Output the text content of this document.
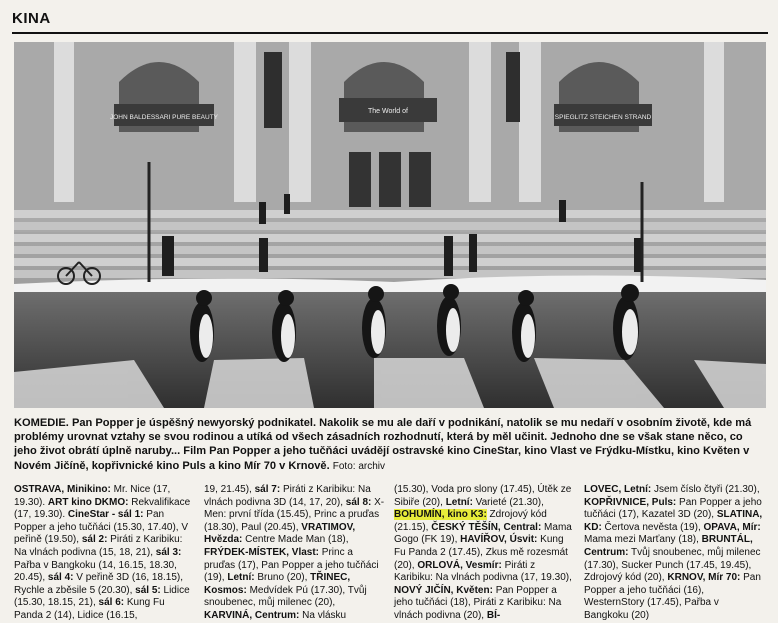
KINA
JOHN BALDESSARI PURE BEAUTY
The World of
SPIEGLITZ STEICHEN STRAND
KOMEDIE. Pan Popper je úspěšný newyorský podnikatel. Nakolik se mu ale daří v podnikání, natolik se mu nedaří v osobním životě, kde má problémy urovnat vztahy se svou rodinou a utíká od všech zásadních rozhodnutí, která by měl učinit. Jednoho dne se však stane něco, co jeho život obrátí úplně naruby... Film Pan Popper a jeho tučňáci uvádějí ostravské kino CineStar, kino Vlast ve Frýdku-Místku, kino Květen v Novém Jičíně, kopřivnické kino Puls a kino Mír 70 v Krnově. Foto: archiv

OSTRAVA, Minikino: Mr. Nice (17, 19.30). ART kino DKMO: Rekvalifikace (17, 19.30). CineStar - sál 1: Pan Popper a jeho tučňáci (15.30, 17.40), V peřině (19.50), sál 2: Piráti z Karibiku: Na vlnách podivna (15, 18, 21), sál 3: Pařba v Bangkoku (14, 16.15, 18.30, 20.45), sál 4: V peřině 3D (16, 18.15), Rychle a zběsile 5 (20.30), sál 5: Lidice (15.30, 18.15, 21), sál 6: Kung Fu Panda 2 (14), Lidice (16.15,

19, 21.45), sál 7: Piráti z Karibiku: Na vlnách podivna 3D (14, 17, 20), sál 8: X-Men: první třída (15.45), Princ a pruďas (18.30), Paul (20.45), VRATIMOV, Hvězda: Centre Made Man (18), FRÝDEK-MÍSTEK, Vlast: Princ a pruďas (17), Pan Popper a jeho tučňáci (19), Letní: Bruno (20), TŘINEC, Kosmos: Medvídek Pú (17.30), Tvůj snoubenec, můj milenec (20), KARVINÁ, Centrum: Na vlásku

(15.30), Voda pro slony (17.45), Útěk ze Sibiře (20), Letní: Varieté (21.30), BOHUMÍN, kino K3: Zdrojový kód (21.15), ČESKÝ TĚŠÍN, Central: Mama Gogo (FK 19), HAVÍŘOV, Úsvit: Kung Fu Panda 2 (17.45), Zkus mě rozesmát (20), ORLOVÁ, Vesmír: Piráti z Karibiku: Na vlnách podivna (17, 19.30), NOVÝ JIČÍN, Květen: Pan Popper a jeho tučňáci (18), Piráti z Karibiku: Na vlnách podivna (20), BÍ-

LOVEC, Letní: Jsem číslo čtyři (21.30), KOPŘIVNICE, Puls: Pan Popper a jeho tučňáci (17), Kazatel 3D (20), SLATINA, KD: Čertova nevěsta (19), OPAVA, Mír: Mama mezi Marťany (18), BRUNTÁL, Centrum: Tvůj snoubenec, můj milenec (17.30), Sucker Punch (17.45, 19.45), Zdrojový kód (20), KRNOV, Mír 70: Pan Popper a jeho tučňáci (16), WesternStory (17.45), Pařba v Bangkoku (20)
